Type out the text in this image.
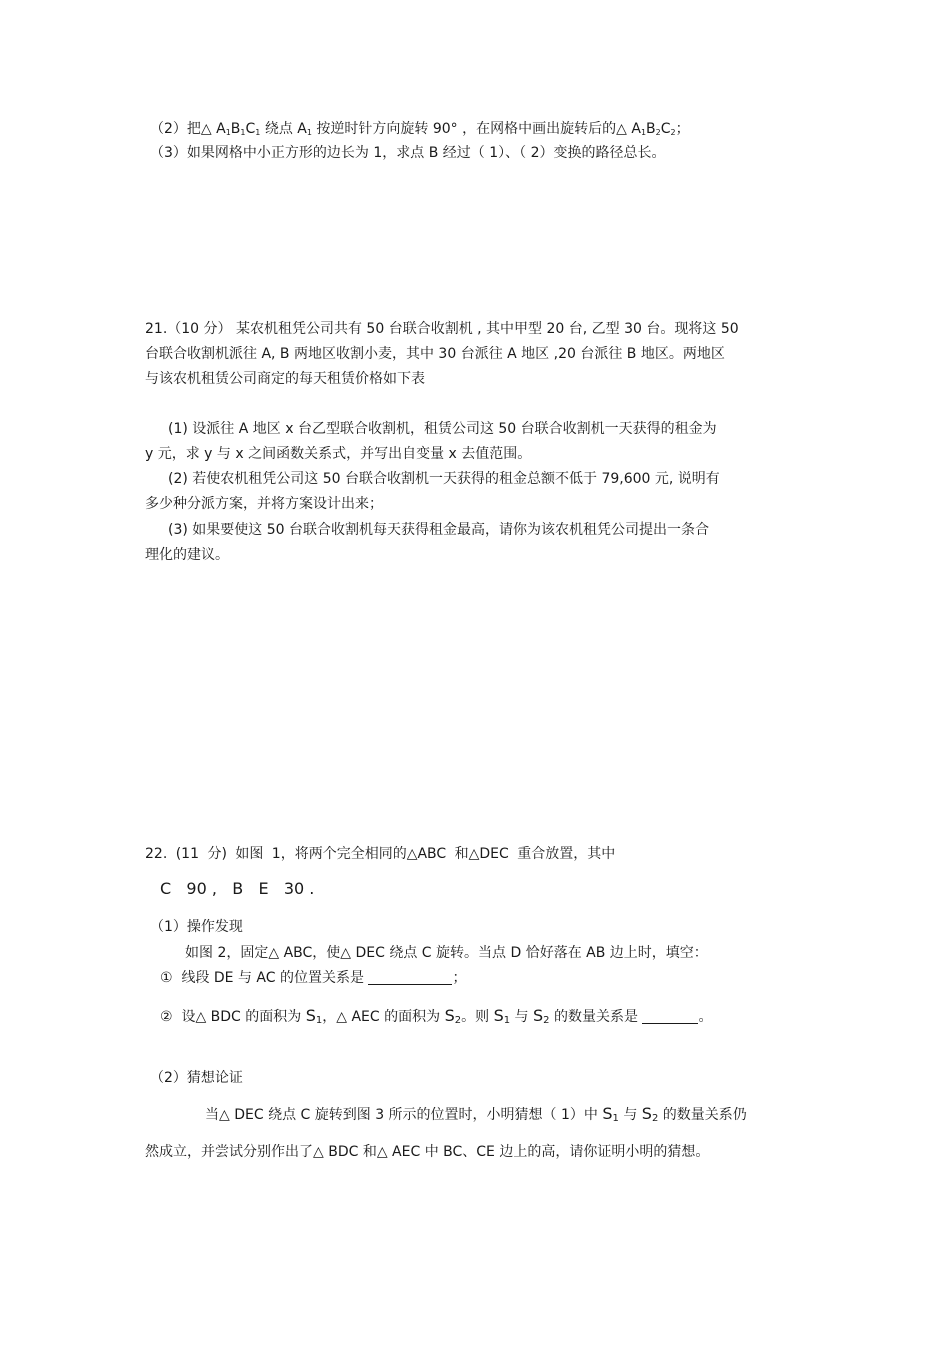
（2）把△ $A_1B_1C_1$ 绕点 $A_1$ 按逆时针方向旋转 90° ，在网格中画出旋转后的△ $A_1B_2C_2$；
（3）如果网格中小正方形的边长为 1，求点 B 经过（ 1）、（ 2）变换的路径总长。
21.（10 分） 某农机租凭公司共有 50 台联合收割机 , 其中甲型 20 台, 乙型 30 台。现将这 50
台联合收割机派往 A, B 两地区收割小麦，其中 30 台派往 A 地区 ,20 台派往 B 地区。两地区
与该农机租赁公司商定的每天租赁价格如下表
(1) 设派往 A 地区 x 台乙型联合收割机，租赁公司这 50 台联合收割机一天获得的租金为
y 元，求 y 与 x 之间函数关系式，并写出自变量 x 去值范围。
(2) 若使农机租凭公司这 50 台联合收割机一天获得的租金总额不低于 79,600 元, 说明有
多少种分派方案，并将方案设计出来；
(3) 如果要使这 50 台联合收割机每天获得租金最高，请你为该农机租凭公司提出一条合
理化的建议。
22. (11 分) 如图 1，将两个完全相同的△ABC 和△DEC 重合放置，其中
C   90 ,   B   E   30 .
（1）操作发现
如图 2，固定△ ABC，使△ DEC 绕点 C 旋转。当点 D 恰好落在 AB 边上时，填空：
①  线段 DE 与 AC 的位置关系是	；
②  设△ BDC 的面积为 $S_1$，△ AEC 的面积为 $S_2$。则 $S_1$ 与 $S_2$ 的数量关系是	。
（2）猜想论证
当△ DEC 绕点 C 旋转到图 3 所示的位置时，小明猜想（ 1）中 $S_1$ 与 $S_2$ 的数量关系仍
然成立，并尝试分别作出了△ BDC 和△ AEC 中 BC、CE 边上的高，请你证明小明的猜想。
